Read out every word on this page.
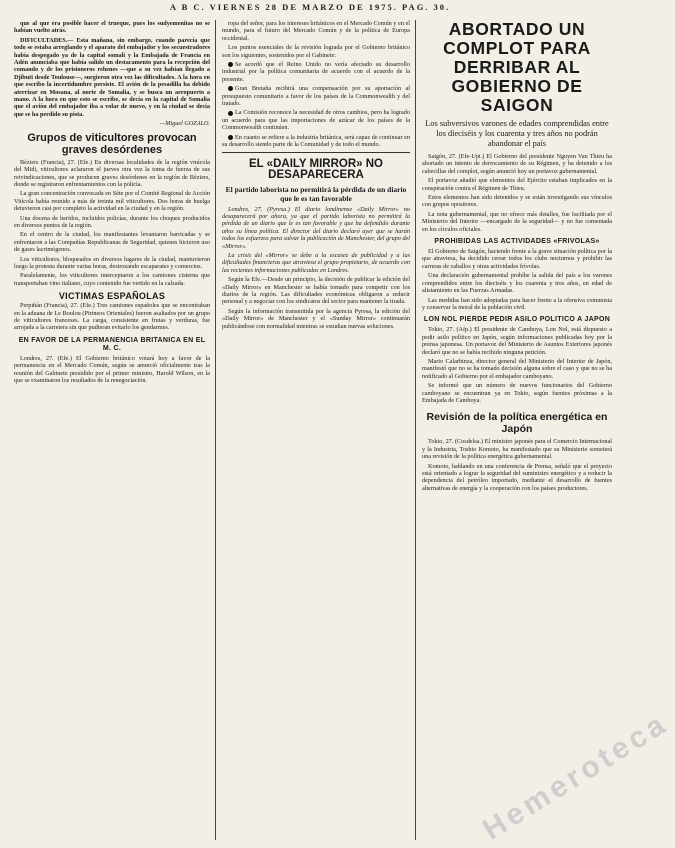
A B C. VIERNES 28 DE MARZO DE 1975. PAG. 30.

que al que era posible hacer el trueque, pues los sudyemenitas no se habían vuelto atrás.

DIFICULTADES.— Esta mañana, sin embargo, cuando parecía que todo se estaba arreglando y el aparato del embajador y los secuestradores había despegado ya de la capital somalí y la Embajada de Francia en Adén anunciaba que había salido un destacamento para la recepción del comando y de los prisioneros rehenes —que a su vez habían llegado a Djibuti desde Toulouse—, surgieron otra vez las dificultades. A la hora en que escribo la incertidumbre persiste. El avión de la pesadilla ha debido aterrizar en Mosana, al norte de Somalia, y se busca un aeropuerto a mano. A la hora en que esto se escribe, se decía en la capital de Somalia que el avión del embajador iba a volar de nuevo, y en la ciudad se decía que se ha perdido su pista.

—Miguel GOZALO.

Grupos de viticultores provocan graves desórdenes

Béziers (Francia), 27. (Efe.) En diversas localidades de la región vinícola del Midi, viticultores aclararon el jueves otra vez la toma de fuerza de sus reivindicaciones, que se producen graves desórdenes en la región de Béziers, donde se registraron enfrentamientos con la policía.

La gran concentración convocada en Sète por el Comité Regional de Acción Vitícola había reunido a más de treinta mil viticultores. Dos horas de huelga detuvieron casi por completo la actividad en la ciudad y en la región.

Una docena de heridos, incluidos policías, durante los choques producidos en diversos puntos de la región.

En el centro de la ciudad, los manifestantes levantaron barricadas y se enfrentaron a las Compañías Republicanas de Seguridad, quienes hicieron uso de gases lacrimógenos.

Los viticultores, bloqueados en diversos lugares de la ciudad, mantuvieron luego la protesta durante varias horas, destrozando escaparates y comercios.

Paralelamente, los viticultores interceptaron a los camiones cisterna que transportaban vino italiano, cuyo contenido fue vertido en la calzada.

VICTIMAS ESPAÑOLAS

Perpiñán (Francia), 27. (Efe.) Tres camiones españoles que se encontraban en la aduana de Le Boulou (Pirineos Orientales) fueron asaltados por un grupo de viticultores franceses. La carga, consistente en frutas y verduras, fue arrojada a la carretera sin que pudieran evitarlo los gendarmes.

EN FAVOR DE LA PERMANENCIA BRITANICA EN EL M. C.

Londres, 27. (Efe.) El Gobierno británico votará hoy a favor de la permanencia en el Mercado Común, según se anunció oficialmente tras la reunión del Gabinete presidido por el primer ministro, Harold Wilson, en la que se examinaron los resultados de la renegociación.

ropa del señor, para los intereses británicos en el Mercado Común y en el mundo, para el futuro del Mercado Común y de la política de Europa occidental.

Los puntos esenciales de la revisión lograda por el Gobierno británico son los siguientes, sostenidos por el Gabinete:

Se acordó que el Reino Unido no vería afectado su desarrollo industrial por la política comunitaria de acuerdo con el acuerdo de la presente.

Gran Bretaña recibirá una compensación por su aportación al presupuesto comunitario a favor de los países de la Commonwealth y del tratado.

La Comisión reconoce la necesidad de otros cambios, pero ha logrado un acuerdo para que las importaciones de azúcar de los países de la Commonwealth continúen.

En cuanto se refiere a la industria británica, será capaz de continuar en su desarrollo siendo parte de la Comunidad y de todo el mundo.

EL «DAILY MIRROR» NO DESAPARECERA
El partido laborista no permitirá la pérdida de un diario que le es tan favorable

Londres, 27. (Pyresa.) El diario londinense «Daily Mirror» no desaparecerá por ahora, ya que el partido laborista no permitirá la pérdida de un diario que le es tan favorable y que ha defendido durante años su línea política. El director del diario declaró ayer que se harán todos los esfuerzos para salvar la publicación de Manchester, del grupo del «Mirror».

La crisis del «Mirror» se debe a la escasez de publicidad y a las dificultades financieras que atraviesa el grupo propietario, de acuerdo con las recientes informaciones publicadas en Londres.

Según la Efe.—Desde un principio, la decisión de publicar la edición del «Daily Mirror» en Manchester se había tomado para competir con los diarios de la región. Las dificultades económicas obligaron a reducir personal y a negociar con los sindicatos del sector para mantener la tirada.

Según la información transmitida por la agencia Pyresa, la edición del «Daily Mirror» de Manchester y el «Sunday Mirror» continuarán publicándose con normalidad mientras se estudian nuevas soluciones.

ABORTADO UN COMPLOT PARA DERRIBAR AL GOBIERNO DE SAIGON
Los subversivos varones de edades comprendidas entre los dieciséis y los cuarenta y tres años no podrán abandonar el país

Saigón, 27. (Efe-Upi.) El Gobierno del presidente Nguyen Van Thieu ha abortado un intento de derrocamiento de su Régimen, y ha detenido a los cabecillas del complot, según anunció hoy un portavoz gubernamental.

El portavoz añadió que elementos del Ejército estaban implicados en la conspiración contra el Régimen de Thieu.

Estos elementos han sido detenidos y se están investigando sus vínculos con grupos opositores.

La nota gubernamental, que no ofrece más detalles, fue facilitada por el Ministerio del Interior —encargado de la seguridad— y no fue comentada en los círculos oficiales.

PROHIBIDAS LAS ACTIVIDADES «FRIVOLAS»

El Gobierno de Saigón, haciendo frente a la grave situación política por la que atraviesa, ha decidido cerrar todos los clubs nocturnos y prohibir las carreras de caballos y otras actividades frívolas.

Una declaración gubernamental prohíbe la salida del país a los varones comprendidos entre los dieciséis y los cuarenta y tres años, en edad de alistamiento en las Fuerzas Armadas.

Las medidas han sido adoptadas para hacer frente a la ofensiva comunista y conservar la moral de la población civil.

LON NOL PIERDE PEDIR ASILO POLITICO A JAPON

Tokio, 27. (Afp.) El presidente de Camboya, Lon Nol, está dispuesto a pedir asilo político en Japón, según informaciones publicadas hoy por la prensa japonesa. Un portavoz del Ministerio de Asuntos Exteriores japonés declaró que no se había recibido ninguna petición.

Mario Calarbinza, director general del Ministerio del Interior de Japón, manifestó que no se ha tomado decisión alguna sobre el caso y que no se ha notificado al Gobierno por el embajador camboyano.

Se informó que un número de nuevos funcionarios del Gobierno camboyano se encuentran ya en Tokio, según fuentes próximas a la Embajada de Camboya.

Revisión de la política energética en Japón

Tokio, 27. (Cosdelsa.) El ministro japonés para el Comercio Internacional y la Industria, Toshio Komoto, ha manifestado que su Ministerio someterá una revisión de la política energética gubernamental.

Komoto, hablando en una conferencia de Prensa, señaló que el proyecto está orientado a lograr la seguridad del suministro energético y a reducir la dependencia del petróleo importado, mediante el desarrollo de fuentes alternativas de energía y la cooperación con los países productores.

Hemeroteca
